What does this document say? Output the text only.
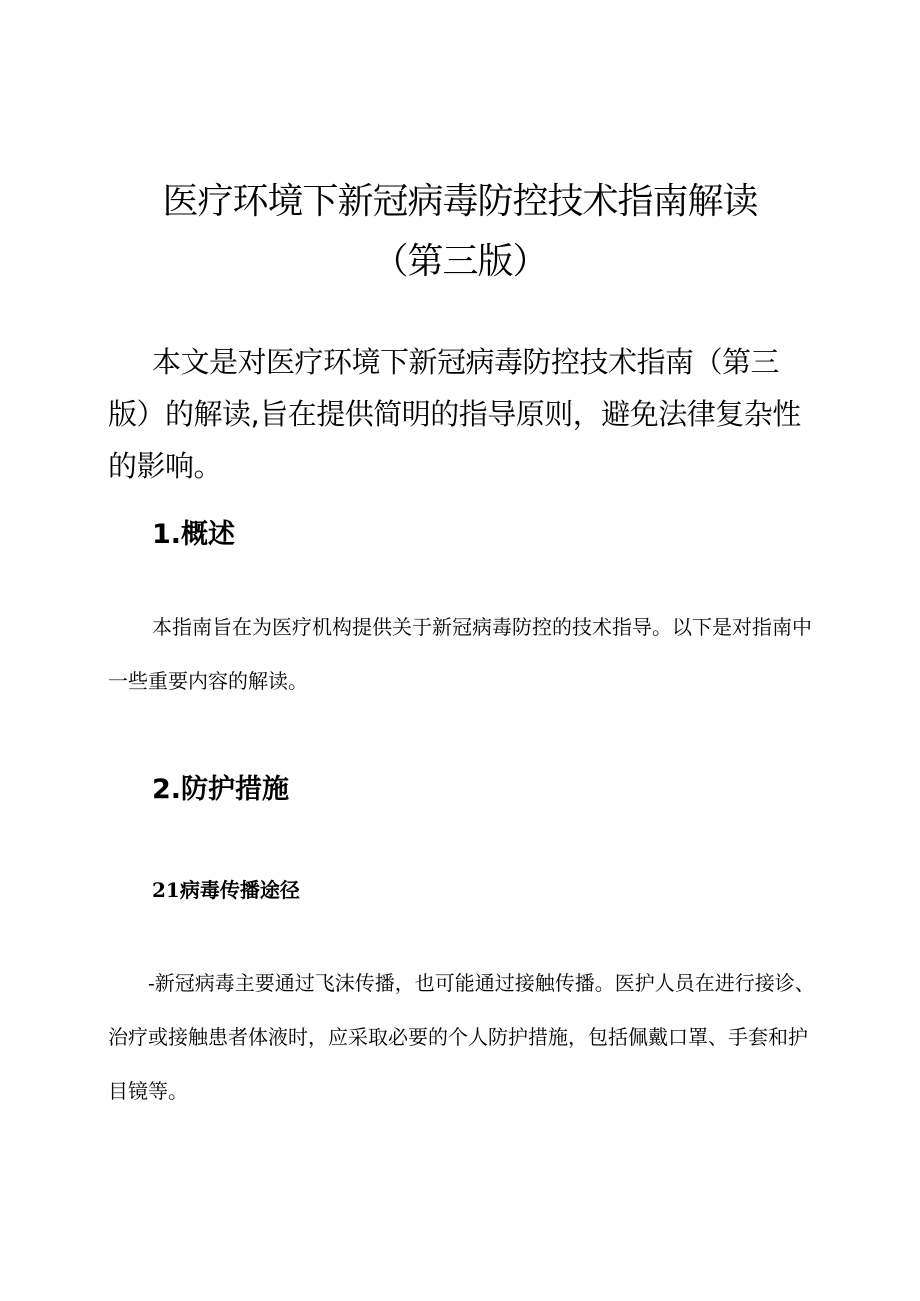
医疗环境下新冠病毒防控技术指南解读
（第三版）

本文是对医疗环境下新冠病毒防控技术指南（第三版）的解读,旨在提供简明的指导原则，避免法律复杂性的影响。

1.概述

本指南旨在为医疗机构提供关于新冠病毒防控的技术指导。以下是对指南中一些重要内容的解读。

2.防护措施
21病毒传播途径

-新冠病毒主要通过飞沫传播，也可能通过接触传播。医护人员在进行接诊、治疗或接触患者体液时，应采取必要的个人防护措施，包括佩戴口罩、手套和护目镜等。
